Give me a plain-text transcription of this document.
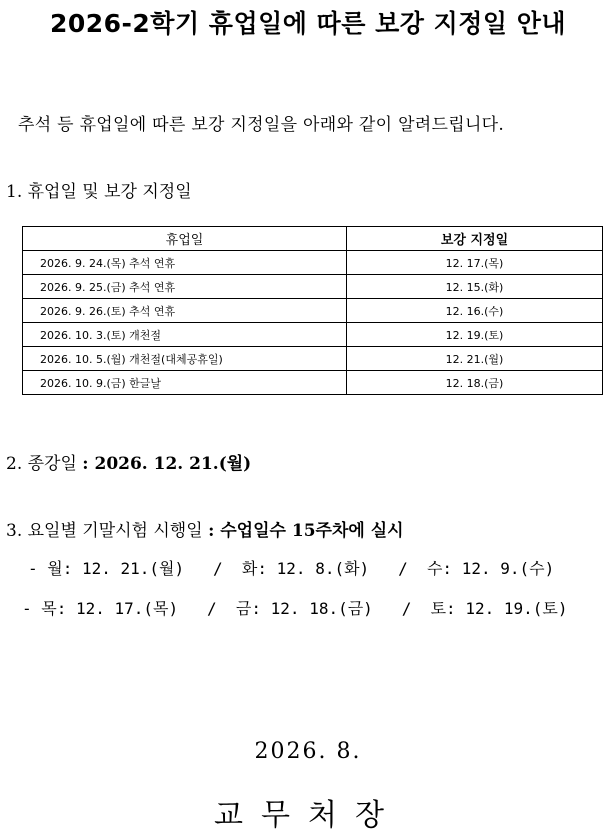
2026-2학기 휴업일에 따른 보강 지정일 안내
추석 등 휴업일에 따른 보강 지정일을 아래와 같이 알려드립니다.
1. 휴업일 및 보강 지정일
휴업일	보강 지정일
2026. 9. 24.(목) 추석 연휴	12. 17.(목)
2026. 9. 25.(금) 추석 연휴	12. 15.(화)
2026. 9. 26.(토) 추석 연휴	12. 16.(수)
2026. 10. 3.(토) 개천절	12. 19.(토)
2026. 10. 5.(월) 개천절(대체공휴일)	12. 21.(월)
2026. 10. 9.(금) 한글날	12. 18.(금)
2. 종강일 : 2026. 12. 21.(월)
3. 요일별 기말시험 시행일 : 수업일수 15주차에 실시
- 월: 12. 21.(월)   /  화: 12. 8.(화)   /  수: 12. 9.(수)
- 목: 12. 17.(목)   /  금: 12. 18.(금)   /  토: 12. 19.(토)
2026. 8.
교무처장
